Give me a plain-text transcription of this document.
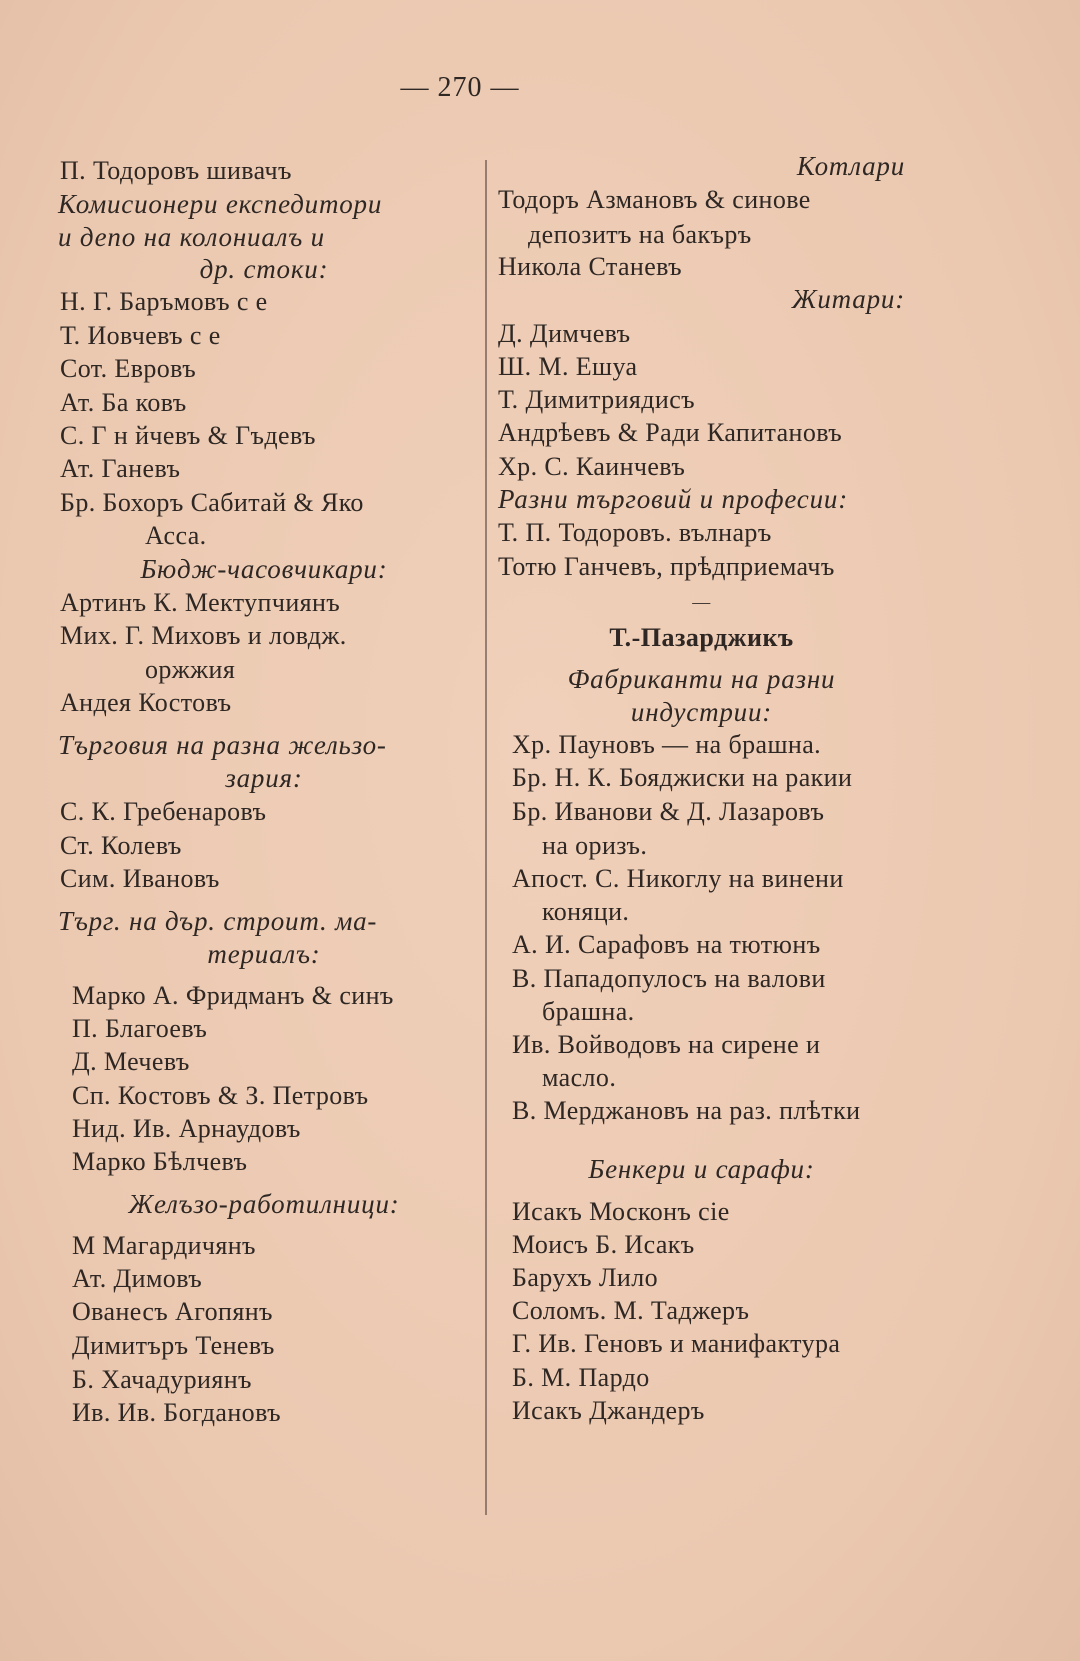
— 270 —
П. Тодоровъ шивачъ
Комисионери експедитори
и депо на колониалъ и
др. стоки:
Н. Г. Баръмовъ с е
Т. Иовчевъ с е
Сот. Евровъ
Ат. Ба ковъ
С. Г н йчевъ & Гъдевъ
Ат. Ганевъ
Бр. Бохоръ Сабитай & Яко
Асса.
Бюдж-часовчикари:
Артинъ К. Мектупчиянъ
Мих. Г. Миховъ и ловдж.
оржжия
Андея Костовъ
Търговия на разна жельзо-
зария:
С. К. Гребенаровъ
Ст. Колевъ
Сим. Ивановъ
Търг. на дър. строит. ма-
териалъ:
Марко А. Фридманъ & синъ
П. Благоевъ
Д. Мечевъ
Сп. Костовъ & З. Петровъ
Нид. Ив. Арнаудовъ
Марко Бѣлчевъ
Желъзо-работилници:
М Магардичянъ
Ат. Димовъ
Ованесъ Агопянъ
Димитъръ Теневъ
Б. Хачадуриянъ
Ив. Ив. Богдановъ
Котлари
Тодоръ Азмановъ & синове
депозитъ на бакъръ
Никола Станевъ
Житари:
Д. Димчевъ
Ш. М. Ешуа
Т. Димитриядисъ
Андрѣевъ & Ради Капитановъ
Хр. С. Каинчевъ
Разни търговий и професии:
Т. П. Тодоровъ. вълнаръ
Тотю Ганчевъ, прѣдприемачъ
—
Т.-Пазарджикъ
Фабриканти на разни
индустрии:
Хр. Пауновъ — на брашна.
Бр. Н. К. Бояджиски на ракии
Бр. Иванови & Д. Лазаровъ
на оризъ.
Апост. С. Никоглу на винени
коняци.
А. И. Сарафовъ на тютюнъ
В. Пападопулосъ на валови
брашна.
Ив. Войводовъ на сирене и
масло.
В. Мерджановъ на раз. плѣтки
Бенкери и сарафи:
Исакъ Москонъ сіе
Моисъ Б. Исакъ
Барухъ Лило
Соломъ. М. Таджеръ
Г. Ив. Геновъ и манифактура
Б. М. Пардо
Исакъ Джандеръ
